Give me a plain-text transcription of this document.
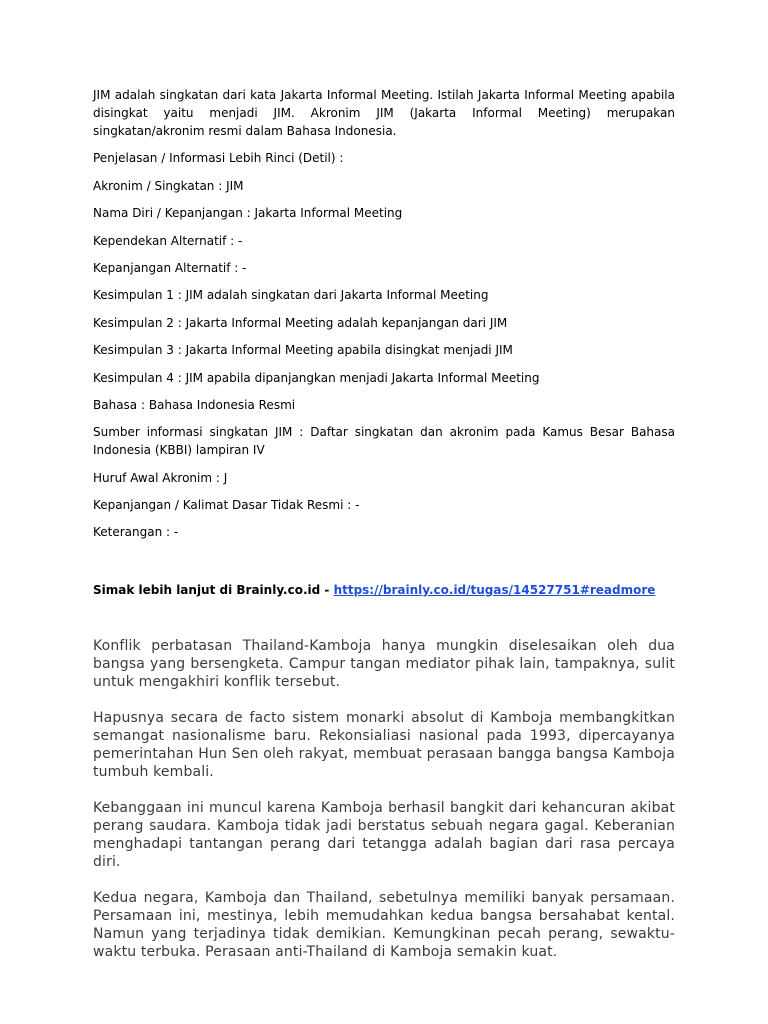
JIM adalah singkatan dari kata Jakarta Informal Meeting. Istilah Jakarta Informal Meeting apabila disingkat yaitu menjadi JIM. Akronim JIM (Jakarta Informal Meeting) merupakan singkatan/akronim resmi dalam Bahasa Indonesia.

Penjelasan / Informasi Lebih Rinci (Detil) :

Akronim / Singkatan : JIM

Nama Diri / Kepanjangan : Jakarta Informal Meeting

Kependekan Alternatif : -

Kepanjangan Alternatif : -

Kesimpulan 1 : JIM adalah singkatan dari Jakarta Informal Meeting

Kesimpulan 2 : Jakarta Informal Meeting adalah kepanjangan dari JIM

Kesimpulan 3 : Jakarta Informal Meeting apabila disingkat menjadi JIM

Kesimpulan 4 : JIM apabila dipanjangkan menjadi Jakarta Informal Meeting

Bahasa : Bahasa Indonesia Resmi

Sumber informasi singkatan JIM : Daftar singkatan dan akronim pada Kamus Besar Bahasa Indonesia (KBBI) lampiran IV

Huruf Awal Akronim : J

Kepanjangan / Kalimat Dasar Tidak Resmi : -

Keterangan : -

Simak lebih lanjut di Brainly.co.id - https://brainly.co.id/tugas/14527751#readmore

Konflik perbatasan Thailand-Kamboja hanya mungkin diselesaikan oleh dua bangsa yang bersengketa. Campur tangan mediator pihak lain, tampaknya, sulit untuk mengakhiri konflik tersebut.

Hapusnya secara de facto sistem monarki absolut di Kamboja membangkitkan semangat nasionalisme baru. Rekonsialiasi nasional pada 1993, dipercayanya pemerintahan Hun Sen oleh rakyat, membuat perasaan bangga bangsa Kamboja tumbuh kembali.

Kebanggaan ini muncul karena Kamboja berhasil bangkit dari kehancuran akibat perang saudara. Kamboja tidak jadi berstatus sebuah negara gagal. Keberanian menghadapi tantangan perang dari tetangga adalah bagian dari rasa percaya diri.

Kedua negara, Kamboja dan Thailand, sebetulnya memiliki banyak persamaan. Persamaan ini, mestinya, lebih memudahkan kedua bangsa bersahabat kental. Namun yang terjadinya tidak demikian. Kemungkinan pecah perang, sewaktu-waktu terbuka. Perasaan anti-Thailand di Kamboja semakin kuat.
